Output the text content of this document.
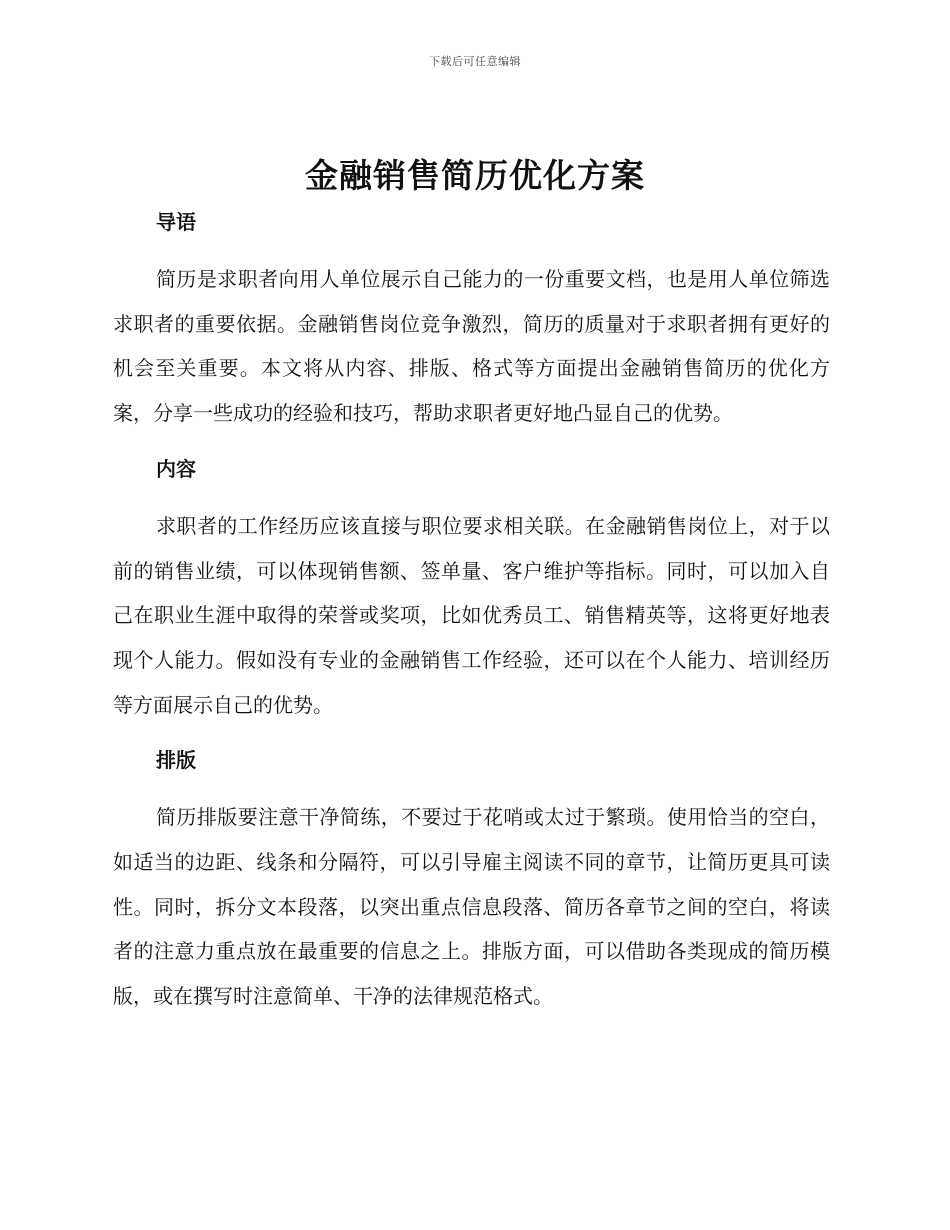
下载后可任意编辑
金融销售简历优化方案
导语

简历是求职者向用人单位展示自己能力的一份重要文档，也是用人单位筛选求职者的重要依据。金融销售岗位竞争激烈，简历的质量对于求职者拥有更好的机会至关重要。本文将从内容、排版、格式等方面提出金融销售简历的优化方案，分享一些成功的经验和技巧，帮助求职者更好地凸显自己的优势。

内容

求职者的工作经历应该直接与职位要求相关联。在金融销售岗位上，对于以前的销售业绩，可以体现销售额、签单量、客户维护等指标。同时，可以加入自己在职业生涯中取得的荣誉或奖项，比如优秀员工、销售精英等，这将更好地表现个人能力。假如没有专业的金融销售工作经验，还可以在个人能力、培训经历等方面展示自己的优势。

排版

简历排版要注意干净简练，不要过于花哨或太过于繁琐。使用恰当的空白，如适当的边距、线条和分隔符，可以引导雇主阅读不同的章节，让简历更具可读性。同时，拆分文本段落，以突出重点信息段落、简历各章节之间的空白，将读者的注意力重点放在最重要的信息之上。排版方面，可以借助各类现成的简历模版，或在撰写时注意简单、干净的法律规范格式。
